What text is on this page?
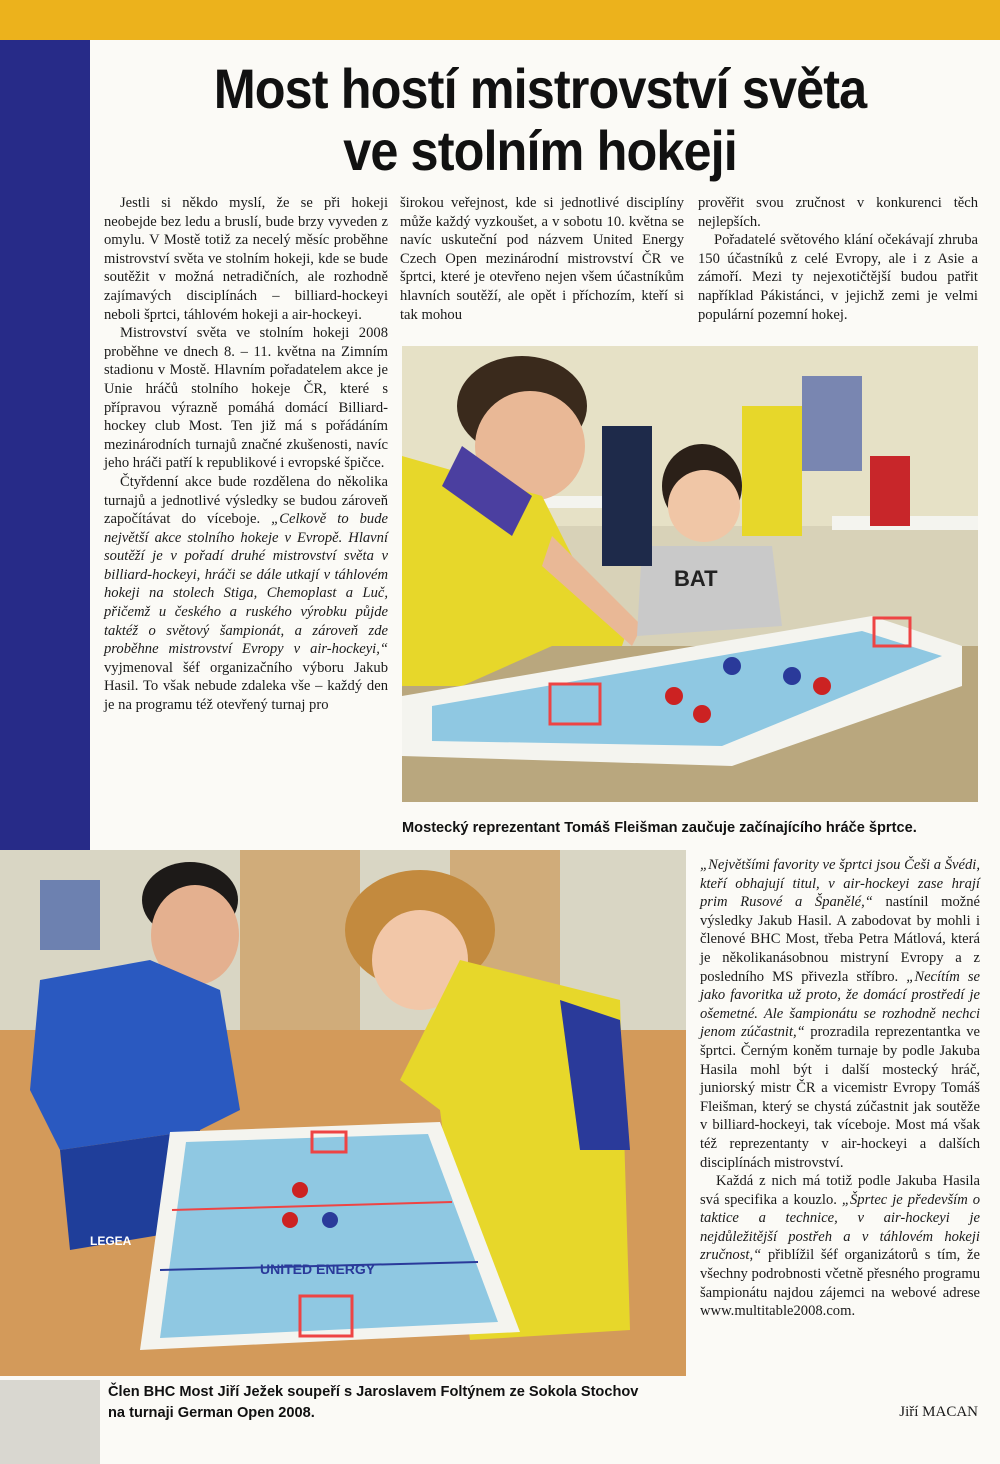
Most hostí mistrovství světa
ve stolním hokeji

Jestli si někdo myslí, že se při hokeji neobejde bez ledu a bruslí, bude brzy vyveden z omylu. V Mostě totiž za necelý měsíc proběhne mistrovství světa ve stolním hokeji, kde se bude soutěžit v možná netradičních, ale rozhodně zajímavých disciplínách – billiard-hockeyi neboli šprtci, táhlovém hokeji a air-hockeyi.

Mistrovství světa ve stolním hokeji 2008 proběhne ve dnech 8. – 11. května na Zimním stadionu v Mostě. Hlavním pořadatelem akce je Unie hráčů stolního hokeje ČR, které s přípravou výrazně pomáhá domácí Billiard-hockey club Most. Ten již má s pořádáním mezinárodních turnajů značné zkušenosti, navíc jeho hráči patří k republikové i evropské špičce.

Čtyřdenní akce bude rozdělena do několika turnajů a jednotlivé výsledky se budou zároveň započítávat do víceboje. „Celkově to bude největší akce stolního hokeje v Evropě. Hlavní soutěží je v pořadí druhé mistrovství světa v billiard-hockeyi, hráči se dále utkají v táhlovém hokeji na stolech Stiga, Chemoplast a Luč, přičemž u českého a ruského výrobku půjde taktéž o světový šampionát, a zároveň zde proběhne mistrovství Evropy v air-hockeyi,“ vyjmenoval šéf organizačního výboru Jakub Hasil. To však nebude zdaleka vše – každý den je na programu též otevřený turnaj pro

širokou veřejnost, kde si jednotlivé disciplíny může každý vyzkoušet, a v sobotu 10. května se navíc uskuteční pod názvem United Energy Czech Open mezinárodní mistrovství ČR ve šprtci, které je otevřeno nejen všem účastníkům hlavních soutěží, ale opět i příchozím, kteří si tak mohou

prověřit svou zručnost v konkurenci těch nejlepších.

Pořadatelé světového klání očekávají zhruba 150 účastníků z celé Evropy, ale i z Asie a zámoří. Mezi ty nejexotičtější budou patřit například Pákistánci, v jejichž zemi je velmi populární pozemní hokej.

BAT
Mostecký reprezentant Tomáš Fleišman zaučuje začínajícího hráče šprtce.

„Největšími favority ve šprtci jsou Češi a Švédi, kteří obhajují titul, v air-hockeyi zase hrají prim Rusové a Španělé,“ nastínil možné výsledky Jakub Hasil. A zabodovat by mohli i členové BHC Most, třeba Petra Mátlová, která je několikanásobnou mistryní Evropy a z posledního MS přivezla stříbro. „Necítím se jako favoritka už proto, že domácí prostředí je ošemetné. Ale šampionátu se rozhodně nechci jenom zúčastnit,“ prozradila reprezentantka ve šprtci. Černým koněm turnaje by podle Jakuba Hasila mohl být i další mostecký hráč, juniorský mistr ČR a vicemistr Evropy Tomáš Fleišman, který se chystá zúčastnit jak soutěže v billiard-hockeyi, tak víceboje. Most má však též reprezentanty v air-hockeyi a dalších disciplínách mistrovství.

Každá z nich má totiž podle Jakuba Hasila svá specifika a kouzlo. „Šprtec je především o taktice a technice, v air-hockeyi je nejdůležitější postřeh a v táhlovém hokeji zručnost,“ přiblížil šéf organizátorů s tím, že všechny podrobnosti včetně přesného programu šampionátu najdou zájemci na webové adrese www.multitable2008.com.

LEGEA
UNITED ENERGY
Člen BHC Most Jiří Ježek soupeří s Jaroslavem Foltýnem ze Sokola Stochov
na turnaji German Open 2008.	Jiří MACAN
